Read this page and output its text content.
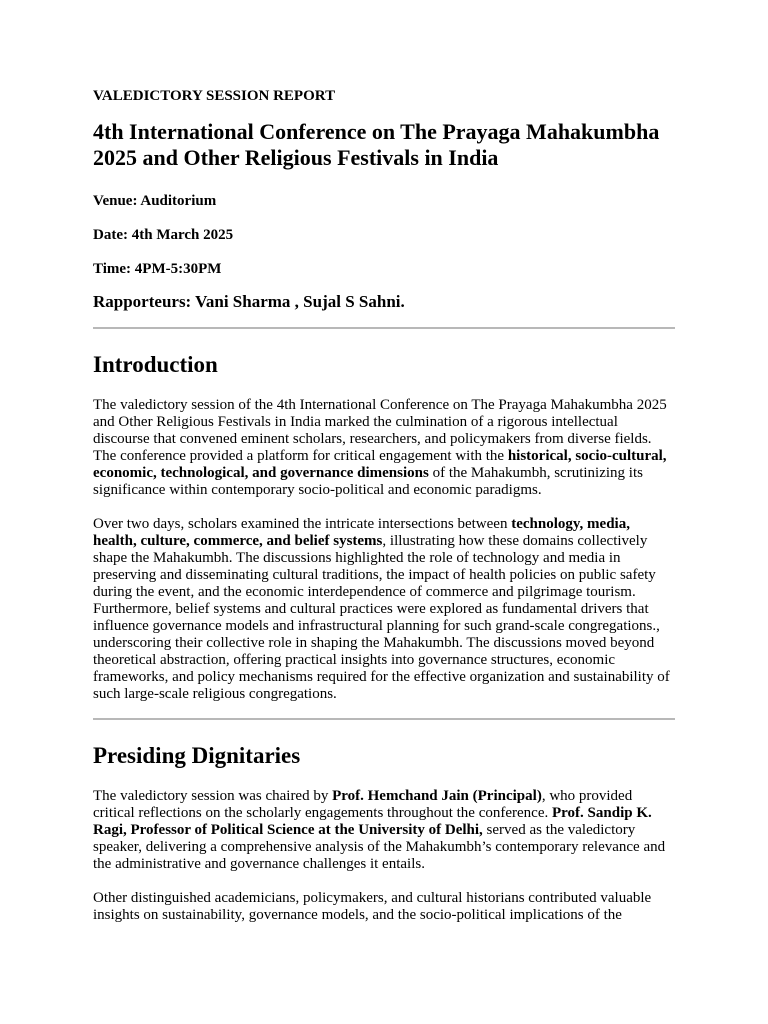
VALEDICTORY SESSION REPORT

4th International Conference on The Prayaga Mahakumbha 2025 and Other Religious Festivals in India

Venue: Auditorium

Date: 4th March 2025

Time: 4PM-5:30PM

Rapporteurs: Vani Sharma , Sujal S Sahni.

Introduction

The valedictory session of the 4th International Conference on The Prayaga Mahakumbha 2025 and Other Religious Festivals in India marked the culmination of a rigorous intellectual discourse that convened eminent scholars, researchers, and policymakers from diverse fields. The conference provided a platform for critical engagement with the historical, socio-cultural, economic, technological, and governance dimensions of the Mahakumbh, scrutinizing its significance within contemporary socio-political and economic paradigms.

Over two days, scholars examined the intricate intersections between technology, media, health, culture, commerce, and belief systems, illustrating how these domains collectively shape the Mahakumbh. The discussions highlighted the role of technology and media in preserving and disseminating cultural traditions, the impact of health policies on public safety during the event, and the economic interdependence of commerce and pilgrimage tourism. Furthermore, belief systems and cultural practices were explored as fundamental drivers that influence governance models and infrastructural planning for such grand-scale congregations., underscoring their collective role in shaping the Mahakumbh. The discussions moved beyond theoretical abstraction, offering practical insights into governance structures, economic frameworks, and policy mechanisms required for the effective organization and sustainability of such large-scale religious congregations.

Presiding Dignitaries

The valedictory session was chaired by Prof. Hemchand Jain (Principal), who provided critical reflections on the scholarly engagements throughout the conference. Prof. Sandip K. Ragi, Professor of Political Science at the University of Delhi, served as the valedictory speaker, delivering a comprehensive analysis of the Mahakumbh’s contemporary relevance and the administrative and governance challenges it entails.

Other distinguished academicians, policymakers, and cultural historians contributed valuable insights on sustainability, governance models, and the socio-political implications of the
